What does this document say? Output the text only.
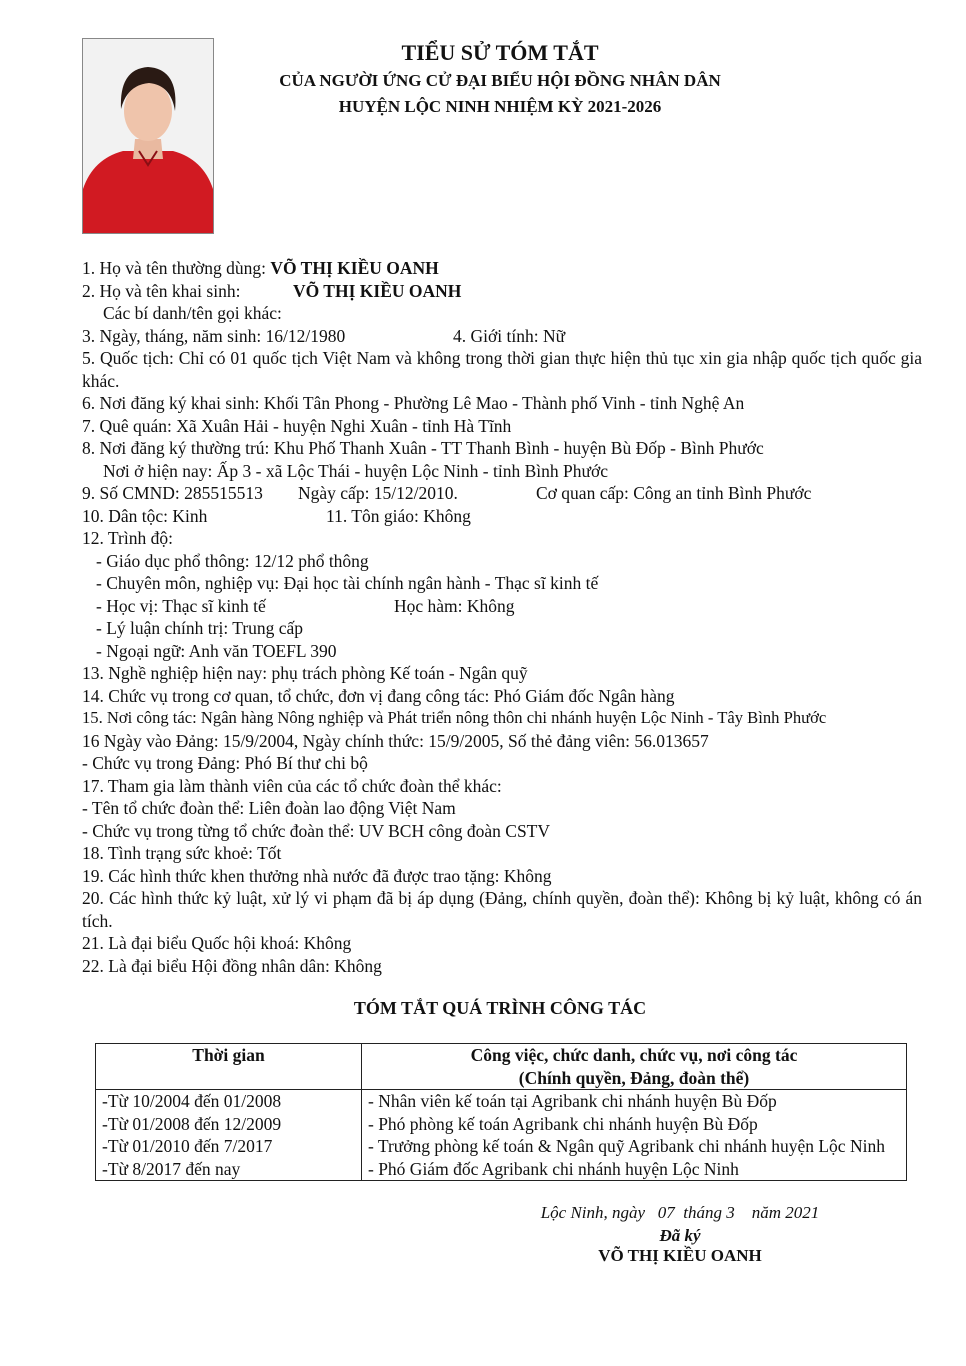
TIỂU SỬ TÓM TẮT
CỦA NGƯỜI ỨNG CỬ ĐẠI BIỂU HỘI ĐỒNG NHÂN DÂN
HUYỆN LỘC NINH NHIỆM KỲ 2021-2026
1. Họ và tên thường dùng: VÕ THỊ KIỀU OANH
2. Họ và tên khai sinh:	VÕ THỊ KIỀU OANH
Các bí danh/tên gọi khác:
3. Ngày, tháng, năm sinh: 16/12/1980	4. Giới tính: Nữ
5. Quốc tịch: Chỉ có 01 quốc tịch Việt Nam và không trong thời gian thực hiện thủ tục xin gia nhập quốc tịch quốc gia khác.
6. Nơi đăng ký khai sinh: Khối Tân Phong - Phường Lê Mao - Thành phố Vinh - tỉnh Nghệ An
7. Quê quán: Xã Xuân Hải - huyện Nghi Xuân - tỉnh Hà Tĩnh
8. Nơi đăng ký thường trú: Khu Phố Thanh Xuân - TT Thanh Bình - huyện Bù Đốp - Bình Phước
Nơi ở hiện nay: Ấp 3 - xã Lộc Thái - huyện Lộc Ninh - tỉnh Bình Phước
9. Số CMND: 285515513 Ngày cấp: 15/12/2010.	Cơ quan cấp: Công an tỉnh Bình Phước
10. Dân tộc: Kinh	11. Tôn giáo: Không
12. Trình độ:
- Giáo dục phổ thông: 12/12 phổ thông
- Chuyên môn, nghiệp vụ: Đại học tài chính ngân hành - Thạc sĩ kinh tế
- Học vị: Thạc sĩ kinh tế	Học hàm: Không
- Lý luận chính trị: Trung cấp
- Ngoại ngữ: Anh văn TOEFL 390
13. Nghề nghiệp hiện nay: phụ trách phòng Kế toán - Ngân quỹ
14. Chức vụ trong cơ quan, tổ chức, đơn vị đang công tác: Phó Giám đốc Ngân hàng
15. Nơi công tác: Ngân hàng Nông nghiệp và Phát triển nông thôn chi nhánh huyện Lộc Ninh - Tây Bình Phước
16 Ngày vào Đảng: 15/9/2004, Ngày chính thức: 15/9/2005, Số thẻ đảng viên: 56.013657
- Chức vụ trong Đảng: Phó Bí thư chi bộ
17. Tham gia làm thành viên của các tổ chức đoàn thể khác:
- Tên tổ chức đoàn thể: Liên đoàn lao động Việt Nam
- Chức vụ trong từng tổ chức đoàn thể: UV BCH công đoàn CSTV
18. Tình trạng sức khoẻ: Tốt
19. Các hình thức khen thưởng nhà nước đã được trao tặng: Không
20. Các hình thức kỷ luật, xử lý vi phạm đã bị áp dụng (Đảng, chính quyền, đoàn thể): Không bị kỷ luật, không có án tích.
21. Là đại biểu Quốc hội khoá: Không
22. Là đại biểu Hội đồng nhân dân: Không
TÓM TẮT QUÁ TRÌNH CÔNG TÁC
Thời gian	Công việc, chức danh, chức vụ, nơi công tác
(Chính quyền, Đảng, đoàn thể)

-Từ 10/2004 đến 01/2008	- Nhân viên kế toán tại Agribank chi nhánh huyện Bù Đốp
-Từ 01/2008 đến 12/2009	- Phó phòng kế toán Agribank chi nhánh huyện Bù Đốp
-Từ 01/2010 đến 7/2017	- Trưởng phòng kế toán & Ngân quỹ Agribank chi nhánh huyện Lộc Ninh
-Từ 8/2017 đến nay	- Phó Giám đốc Agribank chi nhánh huyện Lộc Ninh
Lộc Ninh, ngày   07  tháng 3    năm 2021
Đã ký
VÕ THỊ KIỀU OANH
